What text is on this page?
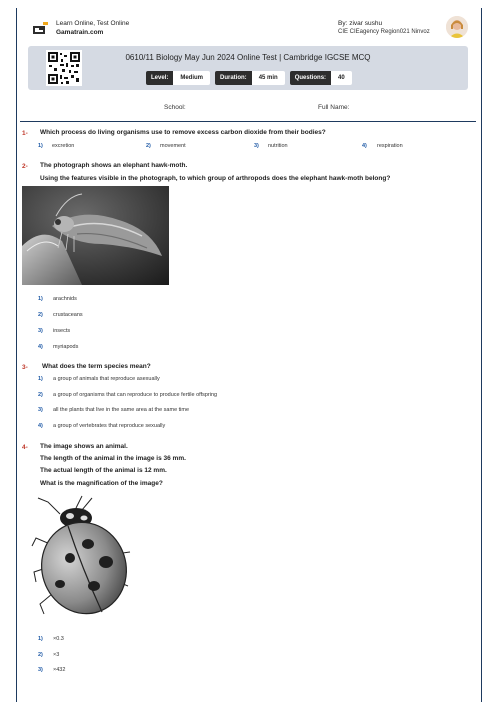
Learn Online, Test Online
Gamatrain.com
By: zivar sushu
CIE CIEagency Region021 Ninvoz
0610/11 Biology May Jun 2024 Online Test | Cambridge IGCSE MCQ
Level:	Medium	Duration:	45 min	Questions:	40
School:	Full Name:
1- Which process do living organisms use to remove excess carbon dioxide from their bodies?
1) excretion	2) movement	3) nutrition	4) respiration
2- The photograph shows an elephant hawk-moth.
Using the features visible in the photograph, to which group of arthropods does the elephant hawk-moth belong?
1) arachnids
2) crustaceans
3) insects
4) myriapods
3- What does the term species mean?
1) a group of animals that reproduce asexually
2) a group of organisms that can reproduce to produce fertile offspring
3) all the plants that live in the same area at the same time
4) a group of vertebrates that reproduce sexually
4- The image shows an animal.
The length of the animal in the image is 36 mm.
The actual length of the animal is 12 mm.
What is the magnification of the image?
1) ×0.3
2) ×3
3) ×432
